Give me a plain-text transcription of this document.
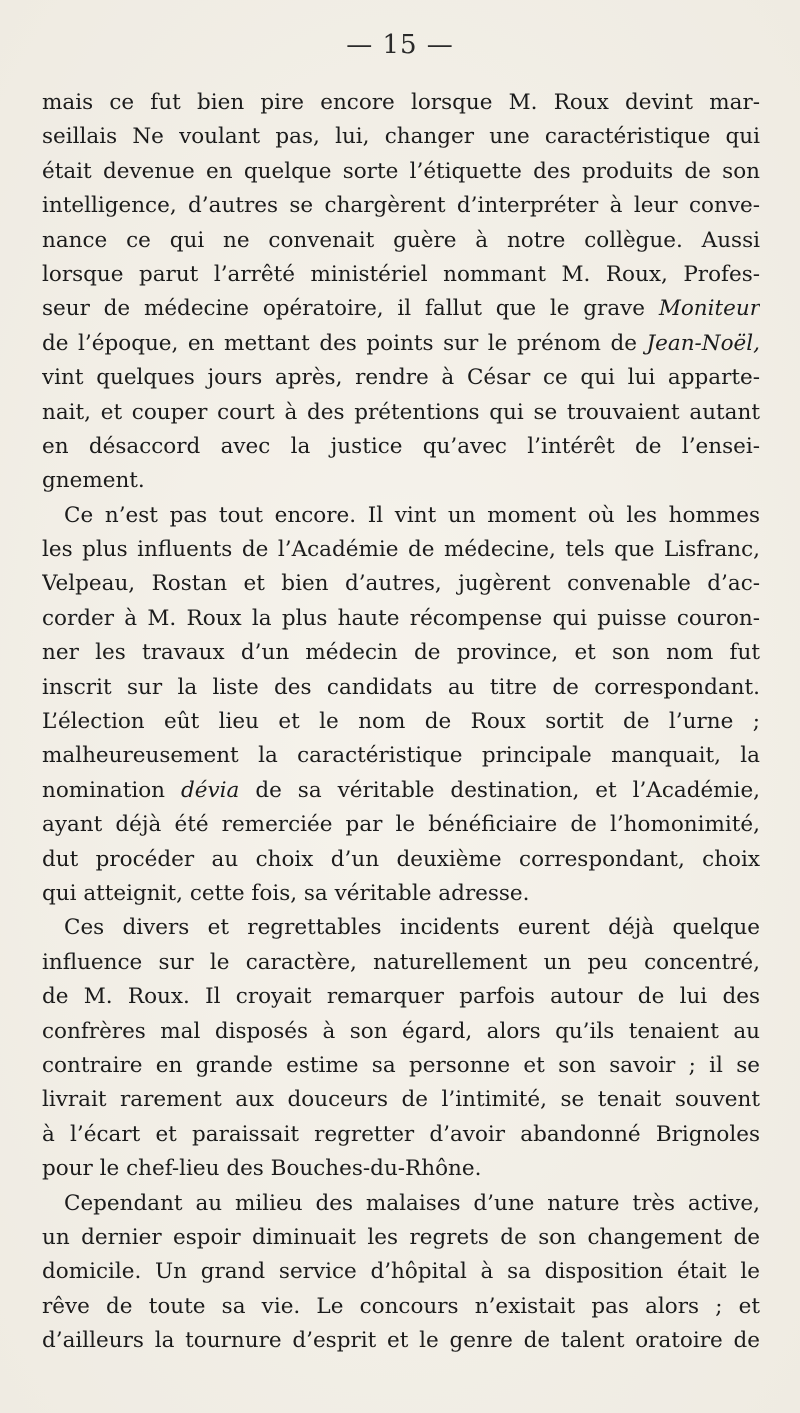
— 15 —
mais ce fut bien pire encore lorsque M. Roux devint mar-
seillais Ne voulant pas, lui, changer une caractéristique qui
était devenue en quelque sorte l’étiquette des produits de son
intelligence, d’autres se chargèrent d’interpréter à leur conve-
nance ce qui ne convenait guère à notre collègue. Aussi
lorsque parut l’arrêté ministériel nommant M. Roux, Profes-
seur de médecine opératoire, il fallut que le grave Moniteur
de l’époque, en mettant des points sur le prénom de Jean-Noël,
vint quelques jours après, rendre à César ce qui lui apparte-
nait, et couper court à des prétentions qui se trouvaient autant
en désaccord avec la justice qu’avec l’intérêt de l’ensei-
gnement.
Ce n’est pas tout encore. Il vint un moment où les hommes
les plus influents de l’Académie de médecine, tels que Lisfranc,
Velpeau, Rostan et bien d’autres, jugèrent convenable d’ac-
corder à M. Roux la plus haute récompense qui puisse couron-
ner les travaux d’un médecin de province, et son nom fut
inscrit sur la liste des candidats au titre de correspondant.
L’élection eût lieu et le nom de Roux sortit de l’urne ;
malheureusement la caractéristique principale manquait, la
nomination dévia de sa véritable destination, et l’Académie,
ayant déjà été remerciée par le bénéficiaire de l’homonimité,
dut procéder au choix d’un deuxième correspondant, choix
qui atteignit, cette fois, sa véritable adresse.
Ces divers et regrettables incidents eurent déjà quelque
influence sur le caractère, naturellement un peu concentré,
de M. Roux. Il croyait remarquer parfois autour de lui des
confrères mal disposés à son égard, alors qu’ils tenaient au
contraire en grande estime sa personne et son savoir ; il se
livrait rarement aux douceurs de l’intimité, se tenait souvent
à l’écart et paraissait regretter d’avoir abandonné Brignoles
pour le chef-lieu des Bouches-du-Rhône.
Cependant au milieu des malaises d’une nature très active,
un dernier espoir diminuait les regrets de son changement de
domicile. Un grand service d’hôpital à sa disposition était le
rêve de toute sa vie. Le concours n’existait pas alors ; et
d’ailleurs la tournure d’esprit et le genre de talent oratoire de
